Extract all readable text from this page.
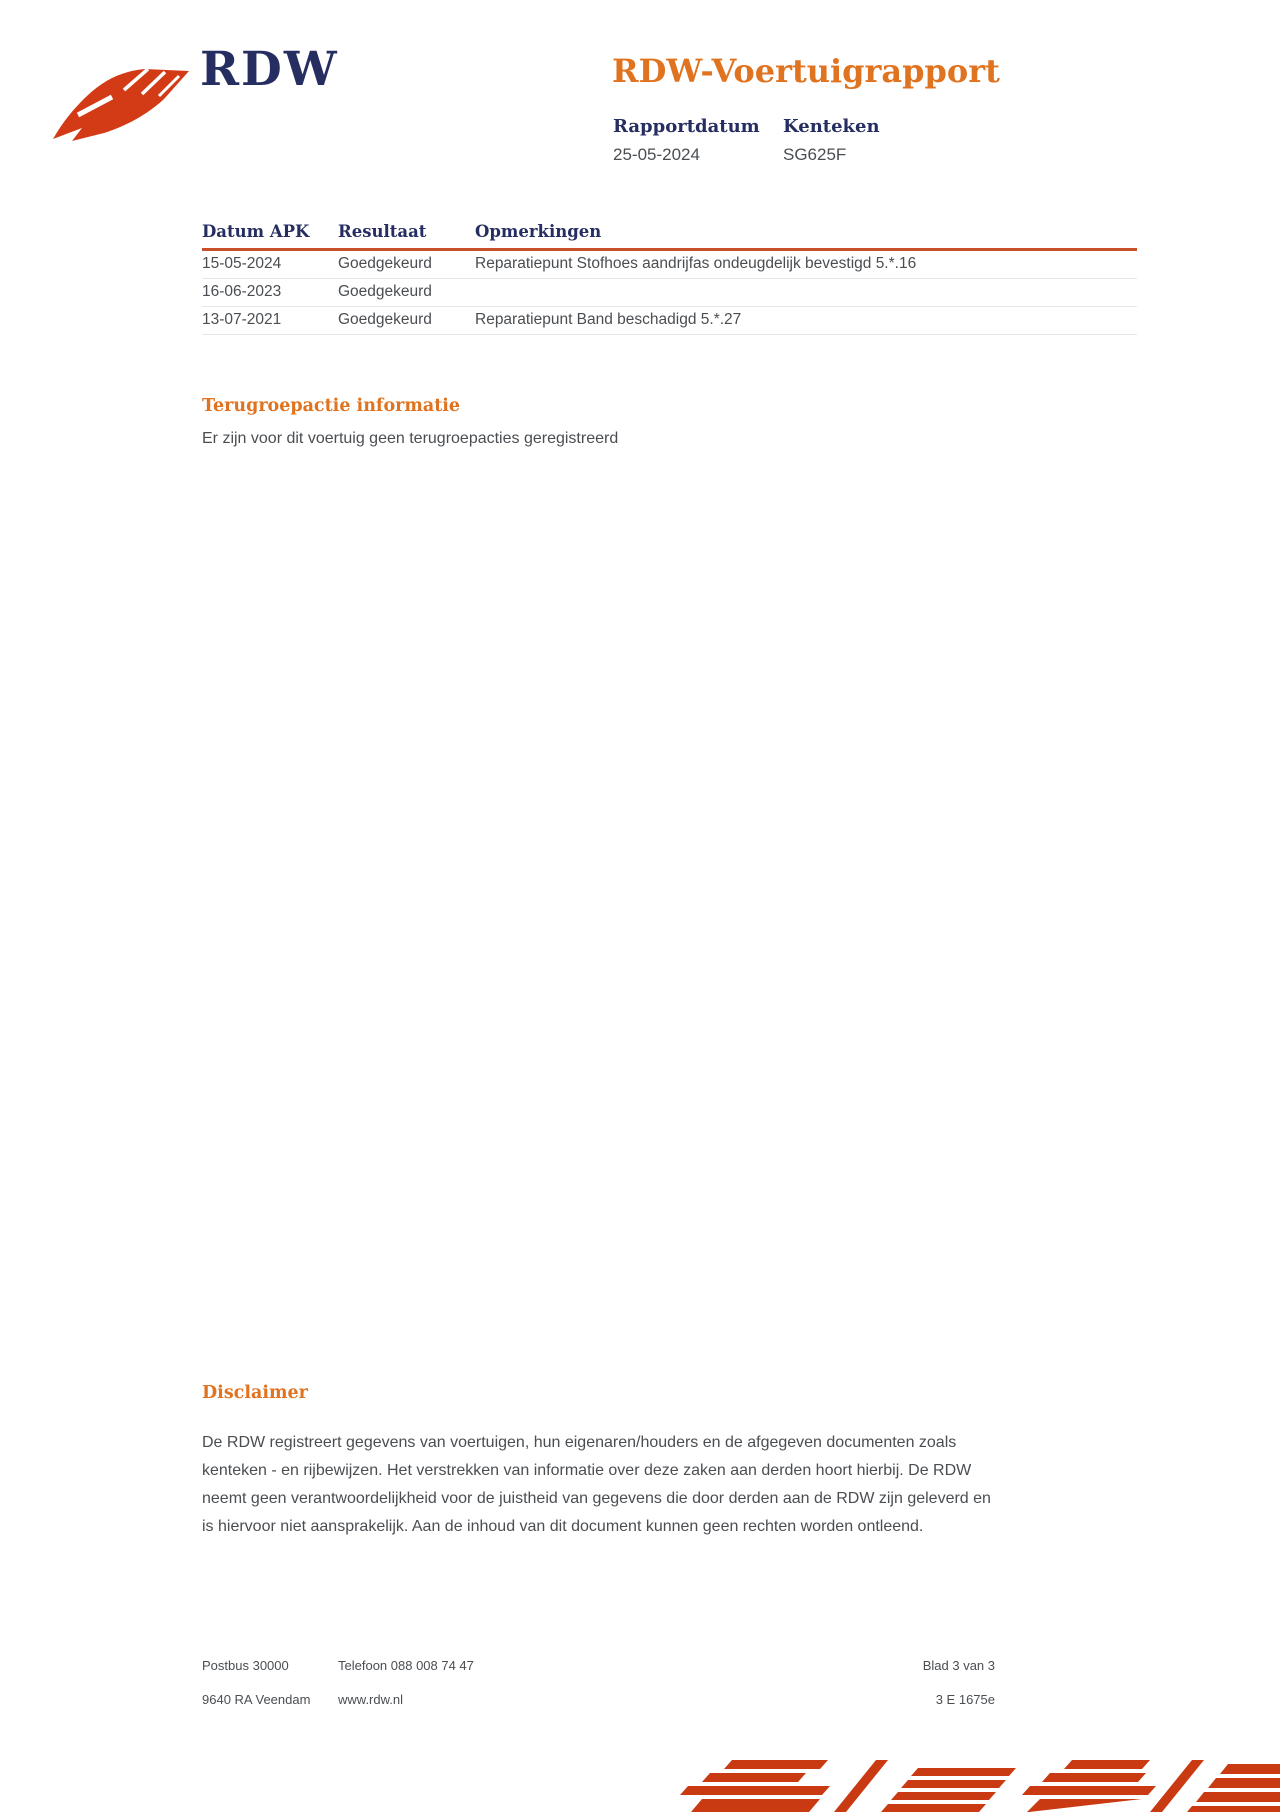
RDW	RDW-Voertuigrapport
Rapportdatum
25-05-2024
Kenteken
SG625F
Datum APK	Resultaat	Opmerkingen
15-05-2024	Goedgekeurd	Reparatiepunt Stofhoes aandrijfas ondeugdelijk bevestigd 5.*.16
16-06-2023	Goedgekeurd
13-07-2021	Goedgekeurd	Reparatiepunt Band beschadigd 5.*.27
Terugroepactie informatie
Er zijn voor dit voertuig geen terugroepacties geregistreerd
Disclaimer
De RDW registreert gegevens van voertuigen, hun eigenaren/houders en de afgegeven documenten zoals kenteken - en rijbewijzen. Het verstrekken van informatie over deze zaken aan derden hoort hierbij. De RDW neemt geen verantwoordelijkheid voor de juistheid van gegevens die door derden aan de RDW zijn geleverd en is hiervoor niet aansprakelijk. Aan de inhoud van dit document kunnen geen rechten worden ontleend.
Postbus 30000	Telefoon 088 008 74 47	Blad 3 van 3
9640 RA Veendam	www.rdw.nl	3 E 1675e
